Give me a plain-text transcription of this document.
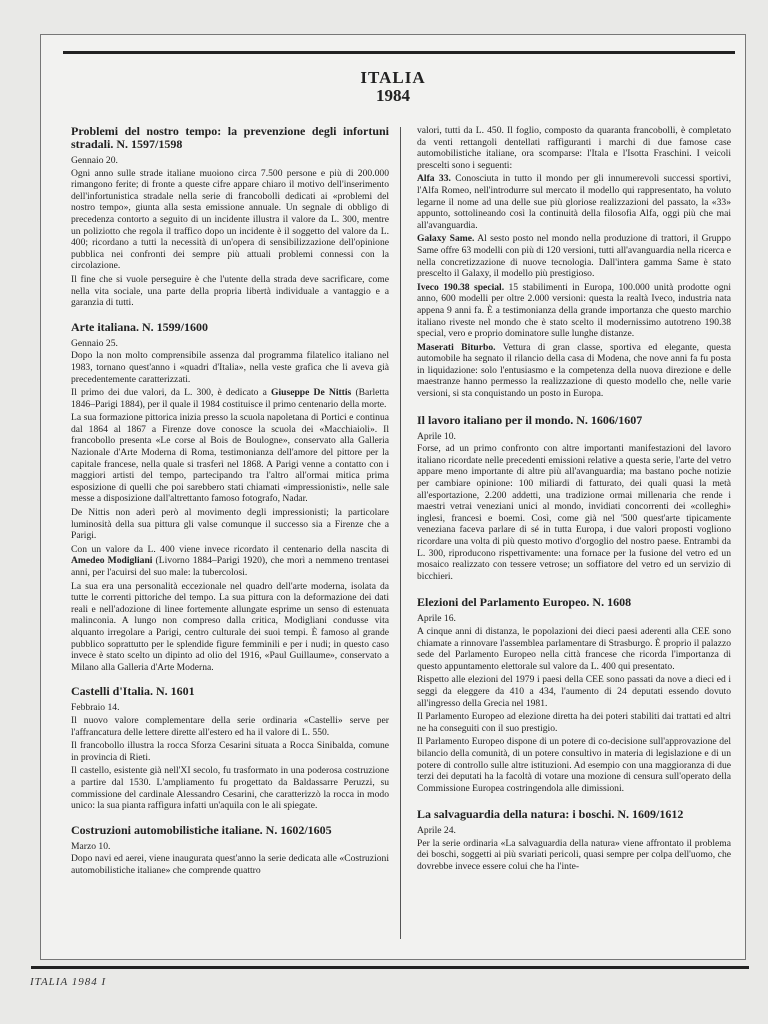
ITALIA
1984
Problemi del nostro tempo: la prevenzione degli infortuni stradali. N. 1597/1598
Gennaio 20.

Ogni anno sulle strade italiane muoiono circa 7.500 persone e più di 200.000 rimangono ferite; di fronte a queste cifre appare chiaro il motivo dell'inserimento dell'infortunistica stradale nella serie di francobolli dedicati ai «problemi del nostro tempo», giunta alla sesta emissione annuale. Un segnale di obbligo di precedenza contorto a seguito di un incidente illustra il valore da L. 300, mentre un poliziotto che regola il traffico dopo un incidente è il soggetto del valore da L. 400; ricordano a tutti la necessità di un'opera di sensibilizzazione dell'opinione pubblica nei confronti dei sempre più attuali problemi connessi con la circolazione.

Il fine che si vuole perseguire è che l'utente della strada deve sacrificare, come nella vita sociale, una parte della propria libertà individuale a vantaggio e a garanzia di tutti.

Arte italiana. N. 1599/1600
Gennaio 25.

Dopo la non molto comprensibile assenza dal programma filatelico italiano nel 1983, tornano quest'anno i «quadri d'Italia», nella veste grafica che li aveva già precedentemente caratterizzati.

Il primo dei due valori, da L. 300, è dedicato a Giuseppe De Nittis (Barletta 1846–Parigi 1884), per il quale il 1984 costituisce il primo centenario della morte.

La sua formazione pittorica inizia presso la scuola napoletana di Portici e continua dal 1864 al 1867 a Firenze dove conosce la scuola dei «Macchiaioli». Il francobollo presenta «Le corse al Bois de Boulogne», conservato alla Galleria Nazionale d'Arte Moderna di Roma, testimonianza dell'amore del pittore per la capitale francese, nella quale si trasferì nel 1868. A Parigi venne a contatto con i maggiori artisti del tempo, partecipando tra l'altro all'ormai mitica prima esposizione di quelli che poi sarebbero stati chiamati «impressionisti», nelle sale messe a disposizione dall'altrettanto famoso fotografo, Nadar.

De Nittis non aderì però al movimento degli impressionisti; la particolare luminosità della sua pittura gli valse comunque il successo sia a Firenze che a Parigi.

Con un valore da L. 400 viene invece ricordato il centenario della nascita di Amedeo Modigliani (Livorno 1884–Parigi 1920), che morì a nemmeno trentasei anni, per l'acuirsi del suo male: la tubercolosi.

La sua era una personalità eccezionale nel quadro dell'arte moderna, isolata da tutte le correnti pittoriche del tempo. La sua pittura con la deformazione dei dati reali e nell'adozione di linee fortemente allungate esprime un senso di estenuata malinconia. A lungo non compreso dalla critica, Modigliani condusse vita alquanto irregolare a Parigi, centro culturale dei suoi tempi. È famoso al grande pubblico soprattutto per le splendide figure femminili e per i nudi; in questo caso invece è stato scelto un dipinto ad olio del 1916, «Paul Guillaume», conservato a Milano alla Galleria d'Arte Moderna.

Castelli d'Italia. N. 1601
Febbraio 14.

Il nuovo valore complementare della serie ordinaria «Castelli» serve per l'affrancatura delle lettere dirette all'estero ed ha il valore di L. 550.

Il francobollo illustra la rocca Sforza Cesarini situata a Rocca Sinibalda, comune in provincia di Rieti.

Il castello, esistente già nell'XI secolo, fu trasformato in una poderosa costruzione a partire dal 1530. L'ampliamento fu progettato da Baldassarre Peruzzi, su commissione del cardinale Alessandro Cesarini, che caratterizzò la rocca in modo unico: la sua pianta raffigura infatti un'aquila con le ali spiegate.

Costruzioni automobilistiche italiane. N. 1602/1605
Marzo 10.

Dopo navi ed aerei, viene inaugurata quest'anno la serie dedicata alle «Costruzioni automobilistiche italiane» che comprende quattro

valori, tutti da L. 450. Il foglio, composto da quaranta francobolli, è completato da venti rettangoli dentellati raffiguranti i marchi di due famose case automobilistiche italiane, ora scomparse: l'Itala e l'Isotta Fraschini. I veicoli prescelti sono i seguenti:

Alfa 33. Conosciuta in tutto il mondo per gli innumerevoli successi sportivi, l'Alfa Romeo, nell'introdurre sul mercato il modello qui rappresentato, ha voluto legarne il nome ad una delle sue più gloriose realizzazioni del passato, la «33» appunto, sottolineando così la continuità della filosofia Alfa, oggi più che mai all'avanguardia.

Galaxy Same. Al sesto posto nel mondo nella produzione di trattori, il Gruppo Same offre 63 modelli con più di 120 versioni, tutti all'avanguardia nella ricerca e nella concretizzazione di nuove tecnologia. Dall'intera gamma Same è stato prescelto il Galaxy, il modello più prestigioso.

Iveco 190.38 special. 15 stabilimenti in Europa, 100.000 unità prodotte ogni anno, 600 modelli per oltre 2.000 versioni: questa la realtà Iveco, industria nata appena 9 anni fa. È a testimonianza della grande importanza che questo marchio italiano riveste nel mondo che è stato scelto il modernissimo autotreno 190.38 special, vero e proprio dominatore sulle lunghe distanze.

Maserati Biturbo. Vettura di gran classe, sportiva ed elegante, questa automobile ha segnato il rilancio della casa di Modena, che nove anni fa fu posta in liquidazione: solo l'entusiasmo e la competenza della nuova direzione e delle maestranze hanno permesso la realizzazione di questo modello che, nelle varie versioni, si sta conquistando un posto in Europa.

Il lavoro italiano per il mondo. N. 1606/1607
Aprile 10.

Forse, ad un primo confronto con altre importanti manifestazioni del lavoro italiano ricordate nelle precedenti emissioni relative a questa serie, l'arte del vetro appare meno importante di altre più all'avanguardia; ma bastano poche notizie per cambiare opinione: 100 miliardi di fatturato, dei quali quasi la metà all'esportazione, 2.200 addetti, una tradizione ormai millenaria che rende i maestri vetrai veneziani unici al mondo, invidiati concorrenti dei «colleghi» inglesi, francesi e boemi. Così, come già nel '500 quest'arte tipicamente veneziana faceva parlare di sé in tutta Europa, i due valori proposti vogliono ricordare una volta di più questo motivo d'orgoglio del nostro paese. Entrambi da L. 300, riproducono rispettivamente: una fornace per la fusione del vetro ed un mosaico realizzato con tessere vetrose; un soffiatore del vetro ed un servizio di bicchieri.

Elezioni del Parlamento Europeo. N. 1608
Aprile 16.

A cinque anni di distanza, le popolazioni dei dieci paesi aderenti alla CEE sono chiamate a rinnovare l'assemblea parlamentare di Strasburgo. È proprio il palazzo sede del Parlamento Europeo nella città francese che ricorda l'importanza di questo appuntamento elettorale sul valore da L. 400 qui presentato.

Rispetto alle elezioni del 1979 i paesi della CEE sono passati da nove a dieci ed i seggi da eleggere da 410 a 434, l'aumento di 24 deputati essendo dovuto all'ingresso della Grecia nel 1981.

Il Parlamento Europeo ad elezione diretta ha dei poteri stabiliti dai trattati ed altri ne ha conseguiti con il suo prestigio.

Il Parlamento Europeo dispone di un potere di co-decisione sull'approvazione del bilancio della comunità, di un potere consultivo in materia di legislazione e di un potere di controllo sulle altre istituzioni. Ad esempio con una maggioranza di due terzi dei deputati ha la facoltà di votare una mozione di censura sull'operato della Commissione Europea costringendola alle dimissioni.

La salvaguardia della natura: i boschi. N. 1609/1612
Aprile 24.

Per la serie ordinaria «La salvaguardia della natura» viene affrontato il problema dei boschi, soggetti ai più svariati pericoli, quasi sempre per colpa dell'uomo, che dovrebbe invece essere colui che ha l'inte-

ITALIA 1984 I
